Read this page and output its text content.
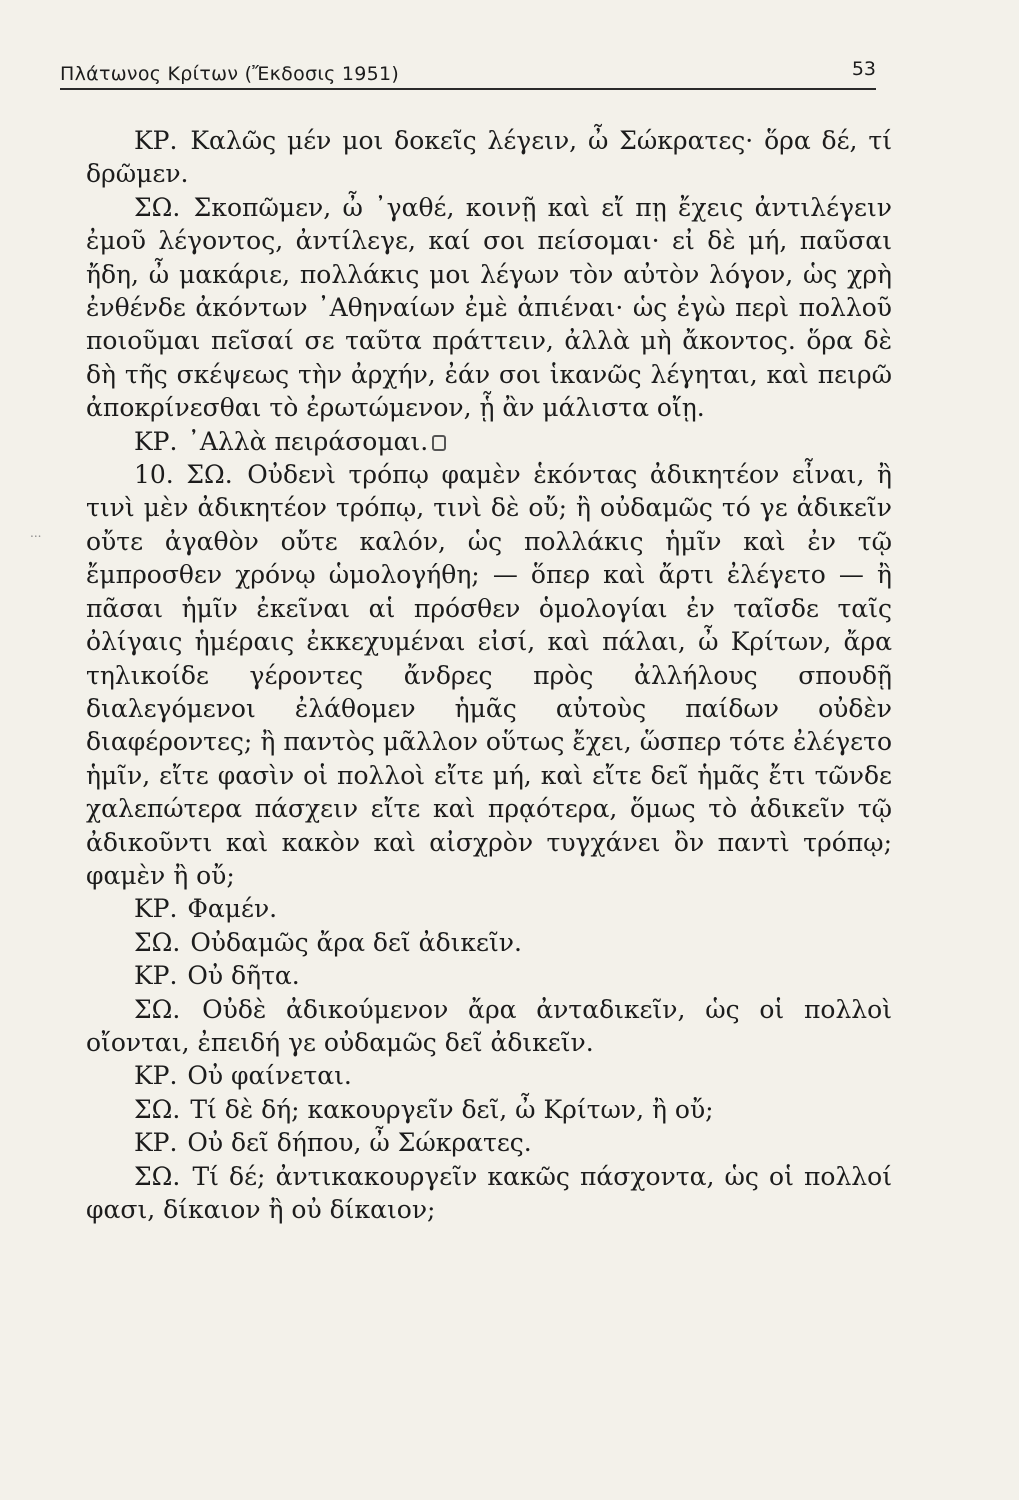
Πλάτωνος Κρίτων (Ἔκδοσις 1951)	53
...

ΚΡ. Καλῶς μέν μοι δοκεῖς λέγειν, ὦ Σώκρατες· ὅρα δέ, τί δρῶμεν.

ΣΩ. Σκοπῶμεν, ὦ ᾿γαθέ, κοινῇ καὶ εἴ πῃ ἔχεις ἀντιλέγειν ἐμοῦ λέγοντος, ἀντίλεγε, καί σοι πείσομαι· εἰ δὲ μή, παῦσαι ἤδη, ὦ μακάριε, πολλάκις μοι λέγων τὸν αὐτὸν λόγον, ὡς χρὴ ἐνθένδε ἀκόντων ᾿Αθηναίων ἐμὲ ἀπιέναι· ὡς ἐγὼ περὶ πολλοῦ ποιοῦμαι πεῖσαί σε ταῦτα πράττειν, ἀλλὰ μὴ ἄκοντος. ὅρα δὲ δὴ τῆς σκέψεως τὴν ἀρχήν, ἐάν σοι ἱκανῶς λέγηται, καὶ πειρῶ ἀποκρίνεσθαι τὸ ἐρωτώμενον, ᾗ ἂν μάλιστα οἴῃ.

ΚΡ. ᾿Αλλὰ πειράσομαι.

10. ΣΩ. Οὐδενὶ τρόπῳ φαμὲν ἑκόντας ἀδικητέον εἶναι, ἢ τινὶ μὲν ἀδικητέον τρόπῳ, τινὶ δὲ οὔ; ἢ οὐδαμῶς τό γε ἀδικεῖν οὔτε ἀγαθὸν οὔτε καλόν, ὡς πολλάκις ἡμῖν καὶ ἐν τῷ ἔμπροσθεν χρόνῳ ὡμολογήθη; — ὅπερ καὶ ἄρτι ἐλέγετο — ἢ πᾶσαι ἡμῖν ἐκεῖναι αἱ πρόσθεν ὁμολογίαι ἐν ταῖσδε ταῖς ὀλίγαις ἡμέραις ἐκκεχυμέναι εἰσί, καὶ πάλαι, ὦ Κρίτων, ἄρα τηλικοίδε γέροντες ἄνδρες πρὸς ἀλλήλους σπουδῇ διαλεγόμενοι ἐλάθομεν ἡμᾶς αὐτοὺς παίδων οὐδὲν διαφέροντες; ἢ παντὸς μᾶλλον οὕτως ἔχει, ὥσπερ τότε ἐλέγετο ἡμῖν, εἴτε φασὶν οἱ πολλοὶ εἴτε μή, καὶ εἴτε δεῖ ἡμᾶς ἔτι τῶνδε χαλεπώτερα πάσχειν εἴτε καὶ πρᾳότερα, ὅμως τὸ ἀδικεῖν τῷ ἀδικοῦντι καὶ κακὸν καὶ αἰσχρὸν τυγχάνει ὂν παντὶ τρόπῳ; φαμὲν ἢ οὔ;

ΚΡ. Φαμέν.

ΣΩ. Οὐδαμῶς ἄρα δεῖ ἀδικεῖν.

ΚΡ. Οὐ δῆτα.

ΣΩ. Οὐδὲ ἀδικούμενον ἄρα ἀνταδικεῖν, ὡς οἱ πολλοὶ οἴονται, ἐπειδή γε οὐδαμῶς δεῖ ἀδικεῖν.

ΚΡ. Οὐ φαίνεται.

ΣΩ. Τί δὲ δή; κακουργεῖν δεῖ, ὦ Κρίτων, ἢ οὔ;

ΚΡ. Οὐ δεῖ δήπου, ὦ Σώκρατες.

ΣΩ. Τί δέ; ἀντικακουργεῖν κακῶς πάσχοντα, ὡς οἱ πολλοί φασι, δίκαιον ἢ οὐ δίκαιον;
